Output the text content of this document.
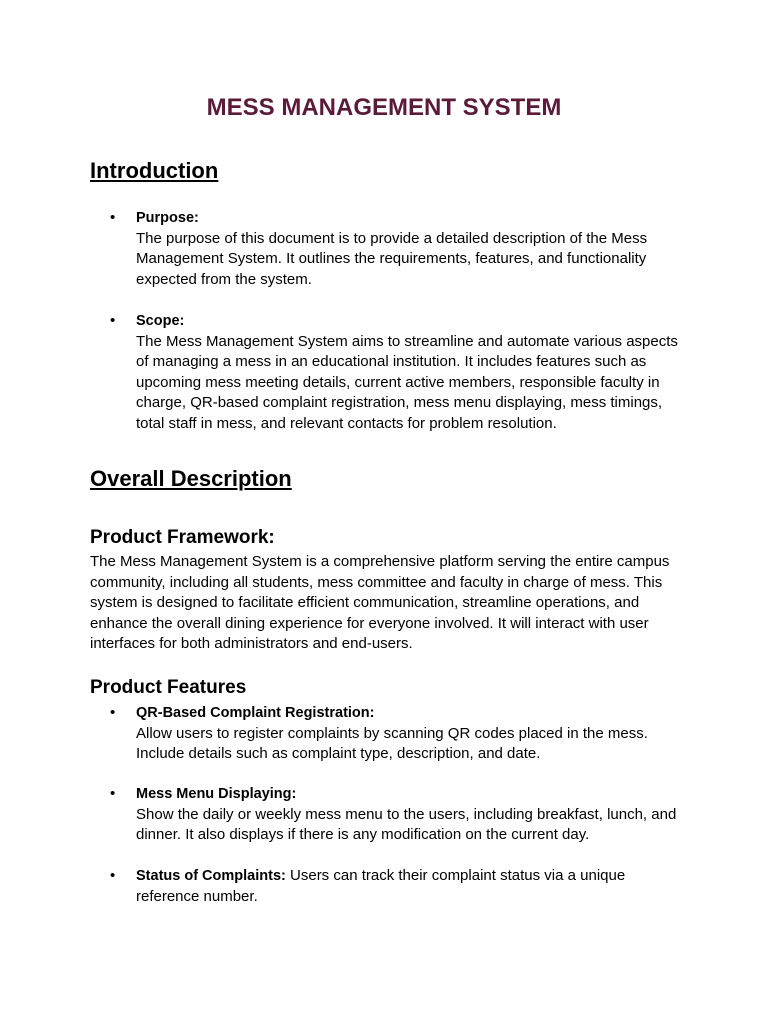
MESS MANAGEMENT SYSTEM
Introduction
• Purpose:
The purpose of this document is to provide a detailed description of the Mess Management System. It outlines the requirements, features, and functionality expected from the system.
• Scope:
The Mess Management System aims to streamline and automate various aspects of managing a mess in an educational institution. It includes features such as upcoming mess meeting details, current active members, responsible faculty in charge, QR-based complaint registration, mess menu displaying, mess timings, total staff in mess, and relevant contacts for problem resolution.
Overall Description
Product Framework:

The Mess Management System is a comprehensive platform serving the entire campus community, including all students, mess committee and faculty in charge of mess. This system is designed to facilitate efficient communication, streamline operations, and enhance the overall dining experience for everyone involved. It will interact with user interfaces for both administrators and end-users.

Product Features
• QR-Based Complaint Registration:
Allow users to register complaints by scanning QR codes placed in the mess. Include details such as complaint type, description, and date.
• Mess Menu Displaying:
Show the daily or weekly mess menu to the users, including breakfast, lunch, and dinner. It also displays if there is any modification on the current day.
• Status of Complaints: Users can track their complaint status via a unique reference number.
